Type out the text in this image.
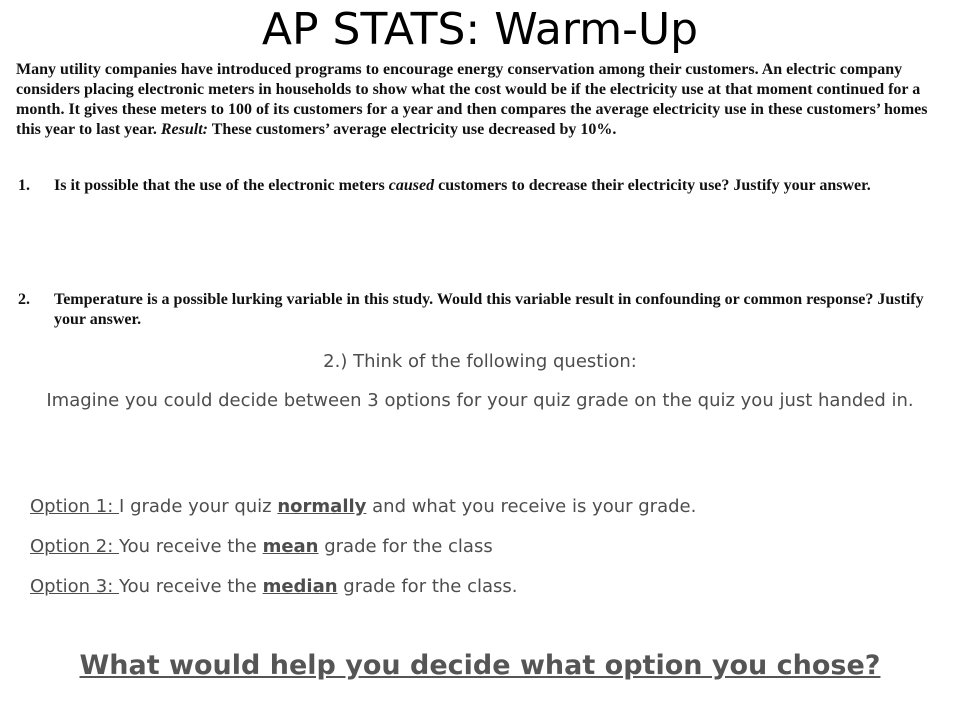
AP STATS: Warm-Up

Many utility companies have introduced programs to encourage energy conservation among their customers. An electric company considers placing electronic meters in households to show what the cost would be if the electricity use at that moment continued for a month. It gives these meters to 100 of its customers for a year and then compares the average electricity use in these customers’ homes this year to last year. Result: These customers’ average electricity use decreased by 10%.

1. Is it possible that the use of the electronic meters caused customers to decrease their electricity use? Justify your answer.
2. Temperature is a possible lurking variable in this study. Would this variable result in confounding or common response? Justify your answer.
2.) Think of the following question:
Imagine you could decide between 3 options for your quiz grade on the quiz you just handed in.
Option 1: I grade your quiz normally and what you receive is your grade.
Option 2: You receive the mean grade for the class
Option 3: You receive the median grade for the class.
What would help you decide what option you chose?
